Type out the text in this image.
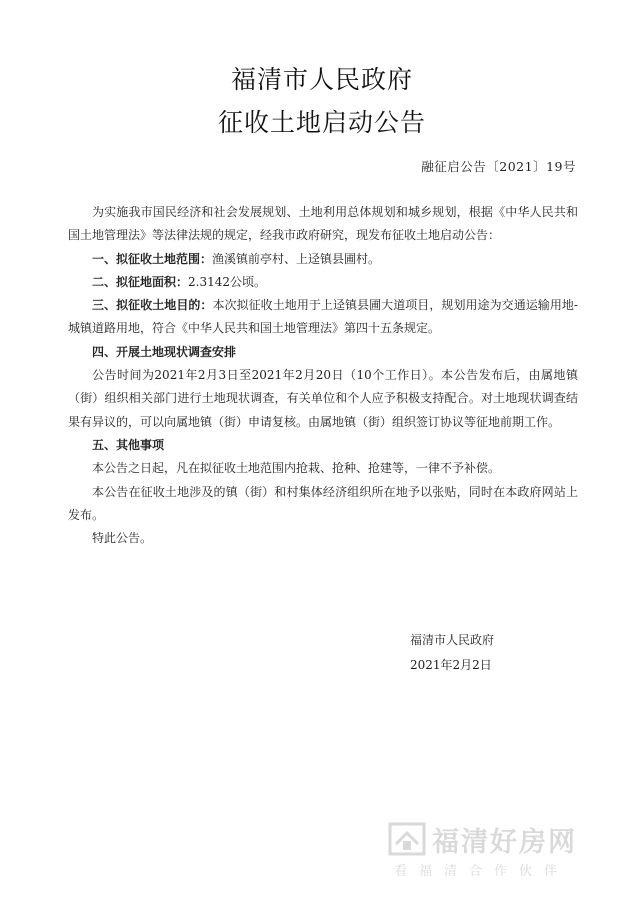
福清市人民政府
征收土地启动公告
融征启公告〔2021〕19号

为实施我市国民经济和社会发展规划、土地利用总体规划和城乡规划，根据《中华人民共和国土地管理法》等法律法规的规定，经我市政府研究，现发布征收土地启动公告：

一、拟征收土地范围：渔溪镇前亭村、上迳镇县圃村。

二、拟征地面积：2.3142公顷。

三、拟征收土地目的：本次拟征收土地用于上迳镇县圃大道项目，规划用途为交通运输用地-城镇道路用地，符合《中华人民共和国土地管理法》第四十五条规定。

四、开展土地现状调查安排

公告时间为2021年2月3日至2021年2月20日（10个工作日）。本公告发布后，由属地镇（街）组织相关部门进行土地现状调查，有关单位和个人应予积极支持配合。对土地现状调查结果有异议的，可以向属地镇（街）申请复核。由属地镇（街）组织签订协议等征地前期工作。

五、其他事项

本公告之日起，凡在拟征收土地范围内抢栽、抢种、抢建等，一律不予补偿。

本公告在征收土地涉及的镇（街）和村集体经济组织所在地予以张贴，同时在本政府网站上发布。

特此公告。

福清市人民政府
2021年2月2日
福清好房网
看福清合作伙伴
